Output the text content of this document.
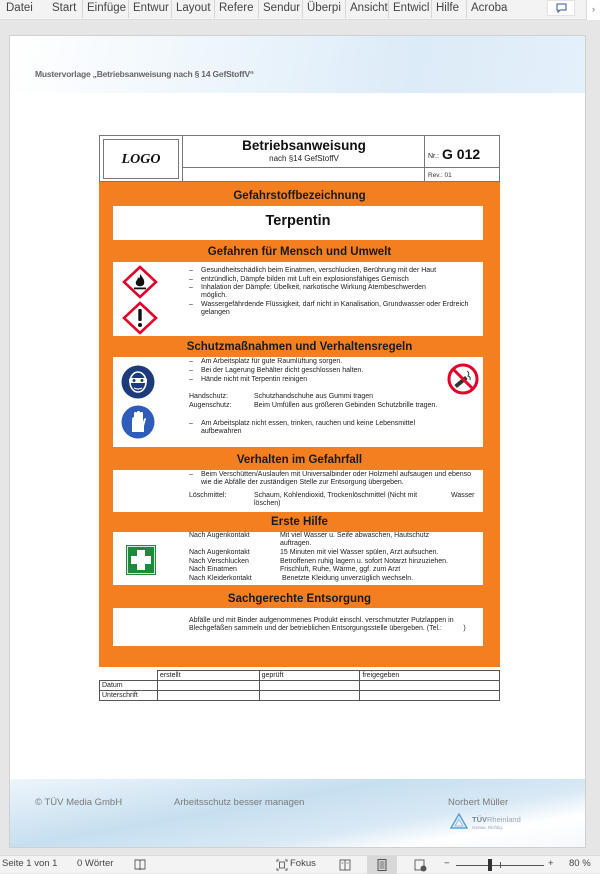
Datei	Start Einfüge Entwur Layout Refere Sendur Überpi Ansicht Entwicl Hilfe	Acroba	›
Mustervorlage „Betriebsanweisung nach § 14 GefStoffV“
LOGO
Betriebsanweisung
nach §14 GefStoffV	Nr.: G 012
Rev.: 01
Gefahrstoffbezeichnung
Terpentin
Gefahren für Mensch und Umwelt
– Gesundheitschädlich beim Einatmen, verschlucken, Berührung mit der Haut
– entzündlich, Dämpfe bilden mit Luft ein explosionsfähiges Gemisch
– Inhalation der Dämpfe: Übelkeit, narkotische Wirkung Atembeschwerden möglich.
– Wassergefährdende Flüssigkeit, darf nicht in Kanalisation, Grundwasser oder Erdreich gelangen
Schutzmaßnahmen und Verhaltensregeln
– Am Arbeitsplatz für gute Raumlüftung sorgen.
– Bei der Lagerung Behälter dicht geschlossen halten.
– Hände nicht mit Terpentin reinigen
Handschutz:	Schutzhandschuhe aus Gummi tragen
Augenschutz:	Beim Umfüllen aus größeren Gebinden Schutzbrille tragen.
– Am Arbeitsplatz nicht essen, trinken, rauchen und keine Lebensmittel aufbewahren
Verhalten im Gefahrfall
– Beim Verschütten/Auslaufen mit Universalbinder oder Holzmehl aufsaugen und ebenso wie die Abfälle der zuständigen Stelle zur Entsorgung übergeben.
Löschmittel:	Schaum, Kohlendioxid, Trockenlöschmittel (Nicht mit	Wasser
löschen)
Erste Hilfe
Nach Augenkontakt	Mit viel Wasser u. Seife abwaschen, Hautschutz auftragen.
Nach Augenkontakt	15 Minuten mit viel Wasser spülen, Arzt aufsuchen.
Nach Verschlucken	Betroffenen ruhig lagern u. sofort Notarzt hinzuziehen.
Nach Einatmen	Frischluft, Ruhe, Wärme, ggf. zum Arzt
Nach Kleiderkontakt	Benetzte Kleidung unverzüglich wechseln.
Sachgerechte Entsorgung
Abfälle und mit Binder aufgenommenes Produkt einschl. verschmutzter Putzlappen in Blechgefäßen sammeln und der betrieblichen Entsorgungsstelle übergeben. (Tel.:           )
	erstellt	geprüft	freigegeben
Datum			
Unterschrift			
© TÜV Media GmbH	Arbeitsschutz besser managen	Norbert Müller
TÜVRheinland
Genau. Richtig.
Seite 1 von 1 0 Wörter	Fokus	−	+ 80 %
